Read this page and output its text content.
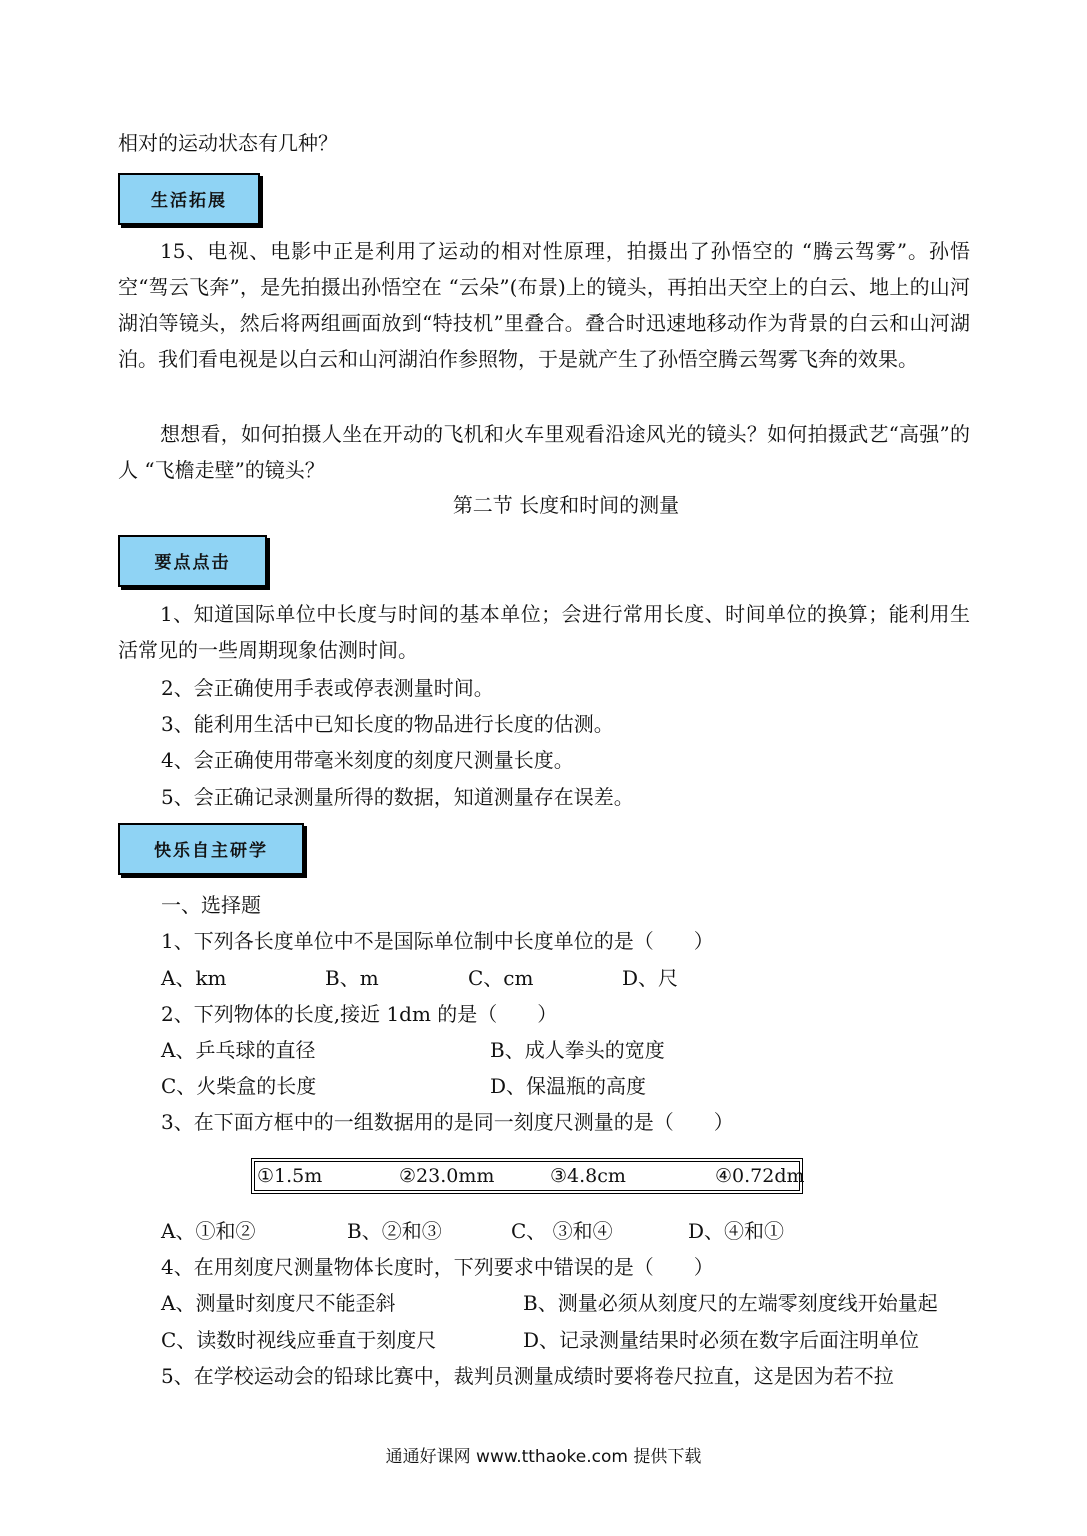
相对的运动状态有几种？
生活拓展
15、电视、电影中正是利用了运动的相对性原理，拍摄出了孙悟空的 “腾云驾雾”。孙悟空“驾云飞奔”，是先拍摄出孙悟空在 “云朵”(布景)上的镜头，再拍出天空上的白云、地上的山河湖泊等镜头，然后将两组画面放到“特技机”里叠合。叠合时迅速地移动作为背景的白云和山河湖泊。我们看电视是以白云和山河湖泊作参照物，于是就产生了孙悟空腾云驾雾飞奔的效果。
想想看，如何拍摄人坐在开动的飞机和火车里观看沿途风光的镜头？如何拍摄武艺“高强”的人 “飞檐走壁”的镜头？
第二节 长度和时间的测量
要点点击
1、知道国际单位中长度与时间的基本单位；会进行常用长度、时间单位的换算；能利用生活常见的一些周期现象估测时间。
2、会正确使用手表或停表测量时间。
3、能利用生活中已知长度的物品进行长度的估测。
4、会正确使用带毫米刻度的刻度尺测量长度。
5、会正确记录测量所得的数据，知道测量存在误差。
快乐自主研学
一、选择题
1、下列各长度单位中不是国际单位制中长度单位的是（　　）
A、km	B、m	C、cm	D、尺
2、下列物体的长度,接近 1dm 的是（　　）
A、乒乓球的直径	B、成人拳头的宽度
C、火柴盒的长度	D、保温瓶的高度
3、在下面方框中的一组数据用的是同一刻度尺测量的是（　　）
①1.5m	②23.0mm	③4.8cm	④0.72dm
A、①和②	B、②和③	C、 ③和④	D、④和①
4、在用刻度尺测量物体长度时，下列要求中错误的是（　　）
A、测量时刻度尺不能歪斜	B、测量必须从刻度尺的左端零刻度线开始量起
C、读数时视线应垂直于刻度尺	D、记录测量结果时必须在数字后面注明单位
5、在学校运动会的铅球比赛中，裁判员测量成绩时要将卷尺拉直，这是因为若不拉
通通好课网 www.tthaoke.com 提供下载
